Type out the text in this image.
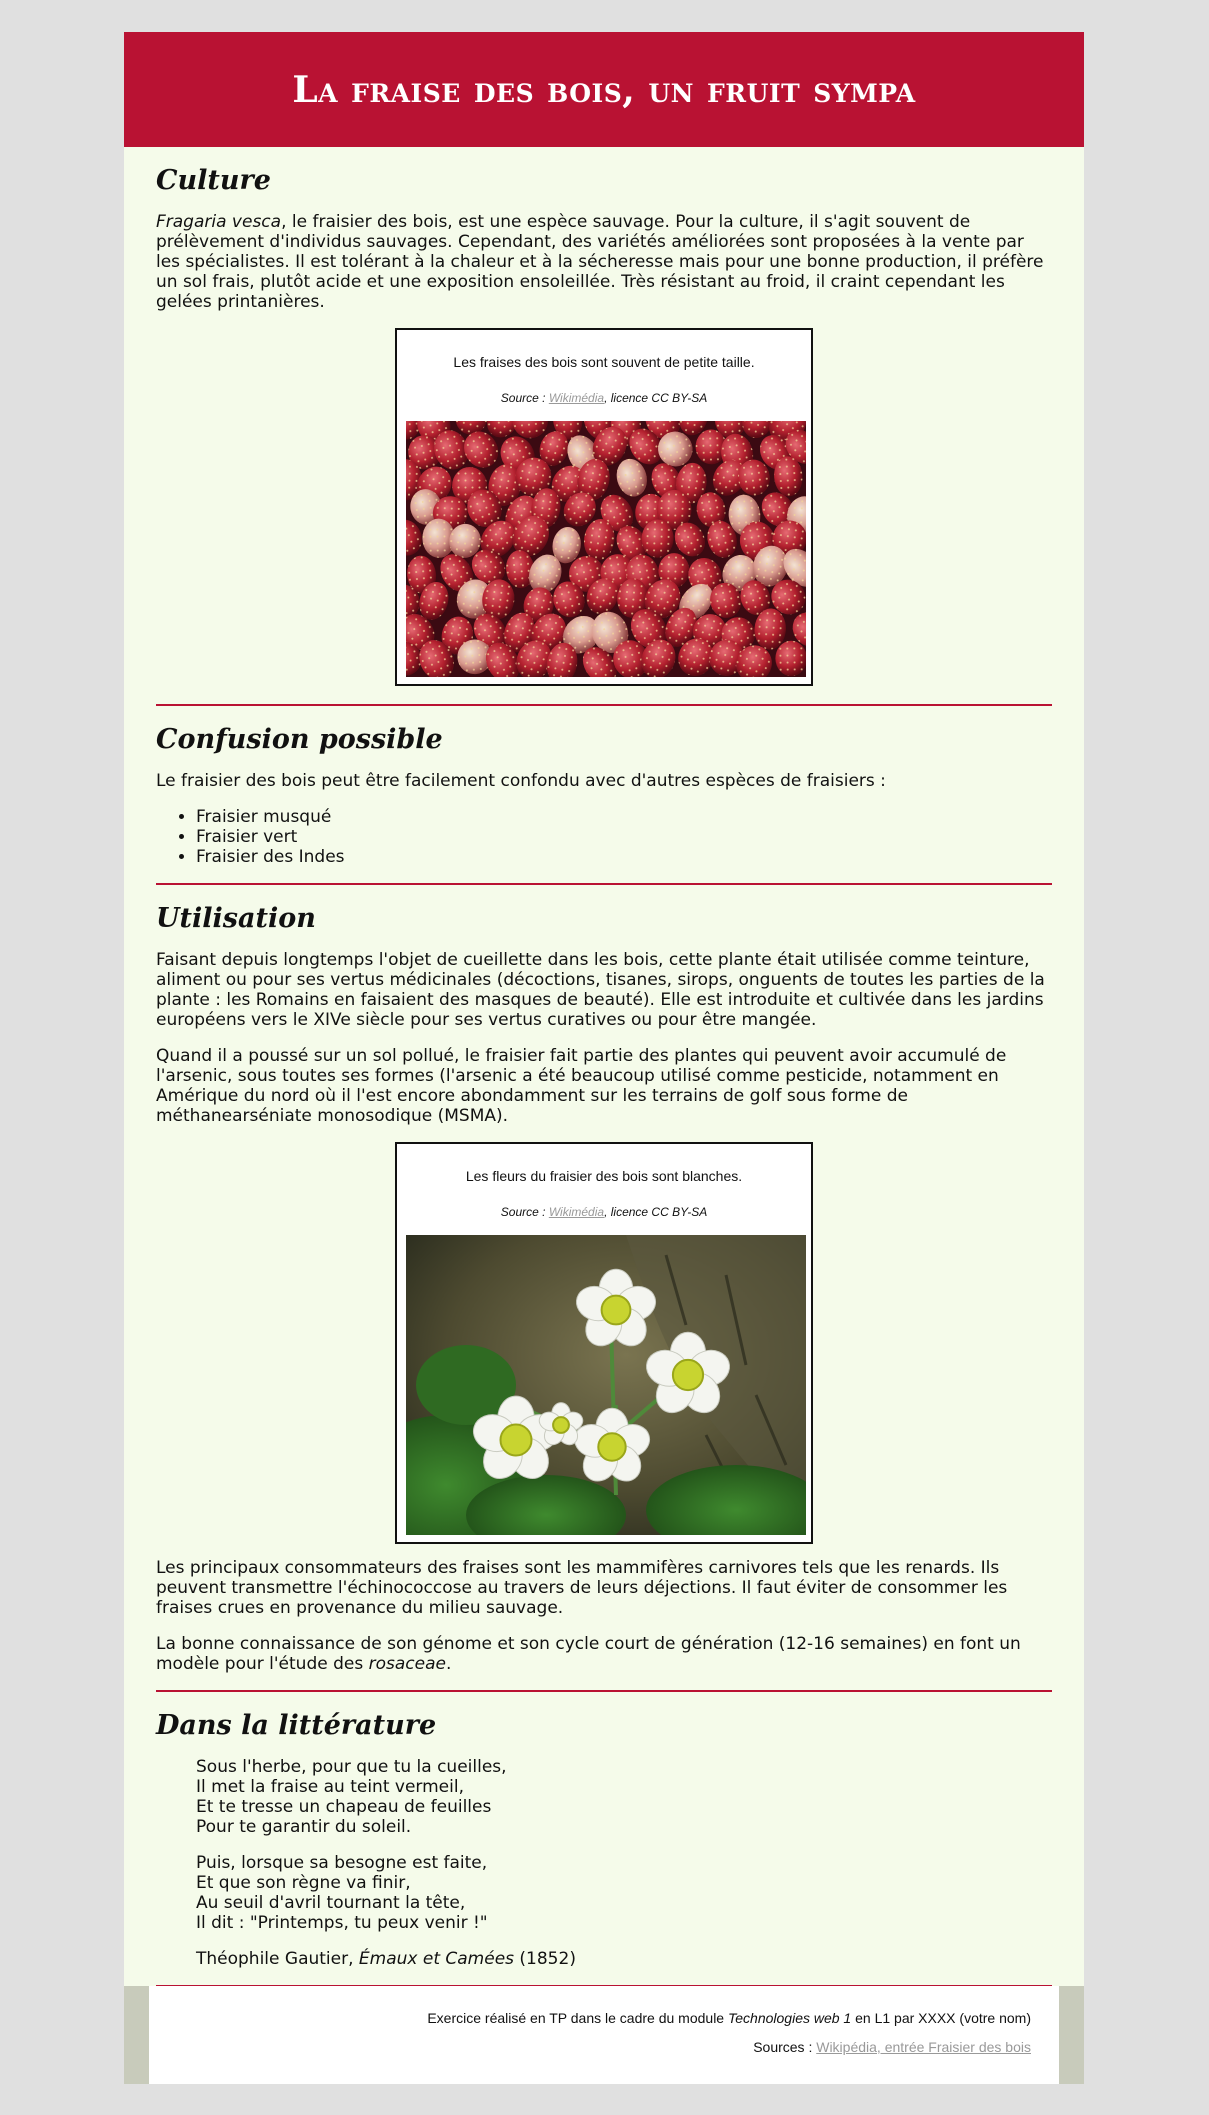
La fraise des bois, un fruit sympa
Culture

Fragaria vesca, le fraisier des bois, est une espèce sauvage. Pour la culture, il s'agit souvent de prélèvement d'individus sauvages. Cependant, des variétés améliorées sont proposées à la vente par les spécialistes. Il est tolérant à la chaleur et à la sécheresse mais pour une bonne production, il préfère un sol frais, plutôt acide et une exposition ensoleillée. Très résistant au froid, il craint cependant les gelées printanières.

Les fraises des bois sont souvent de petite taille.

Source : Wikimédia, licence CC BY-SA

Confusion possible

Le fraisier des bois peut être facilement confondu avec d'autres espèces de fraisiers :

• Fraisier musqué
• Fraisier vert
• Fraisier des Indes
Utilisation

Faisant depuis longtemps l'objet de cueillette dans les bois, cette plante était utilisée comme teinture, aliment ou pour ses vertus médicinales (décoctions, tisanes, sirops, onguents de toutes les parties de la plante : les Romains en faisaient des masques de beauté). Elle est introduite et cultivée dans les jardins européens vers le XIVe siècle pour ses vertus curatives ou pour être mangée.

Quand il a poussé sur un sol pollué, le fraisier fait partie des plantes qui peuvent avoir accumulé de l'arsenic, sous toutes ses formes (l'arsenic a été beaucoup utilisé comme pesticide, notamment en Amérique du nord où il l'est encore abondamment sur les terrains de golf sous forme de méthanearséniate monosodique (MSMA).

Les fleurs du fraisier des bois sont blanches.

Source : Wikimédia, licence CC BY-SA

Les principaux consommateurs des fraises sont les mammifères carnivores tels que les renards. Ils peuvent transmettre l'échinococcose au travers de leurs déjections. Il faut éviter de consommer les fraises crues en provenance du milieu sauvage.

La bonne connaissance de son génome et son cycle court de génération (12-16 semaines) en font un modèle pour l'étude des rosaceae.

Dans la littérature
Sous l'herbe, pour que tu la cueilles,
Il met la fraise au teint vermeil,
Et te tresse un chapeau de feuilles
Pour te garantir du soleil.
Puis, lorsque sa besogne est faite,
Et que son règne va finir,
Au seuil d'avril tournant la tête,
Il dit : "Printemps, tu peux venir !"
Théophile Gautier, Émaux et Camées (1852)
Exercice réalisé en TP dans le cadre du module Technologies web 1 en L1 par XXXX (votre nom)
Sources : Wikipédia, entrée Fraisier des bois
